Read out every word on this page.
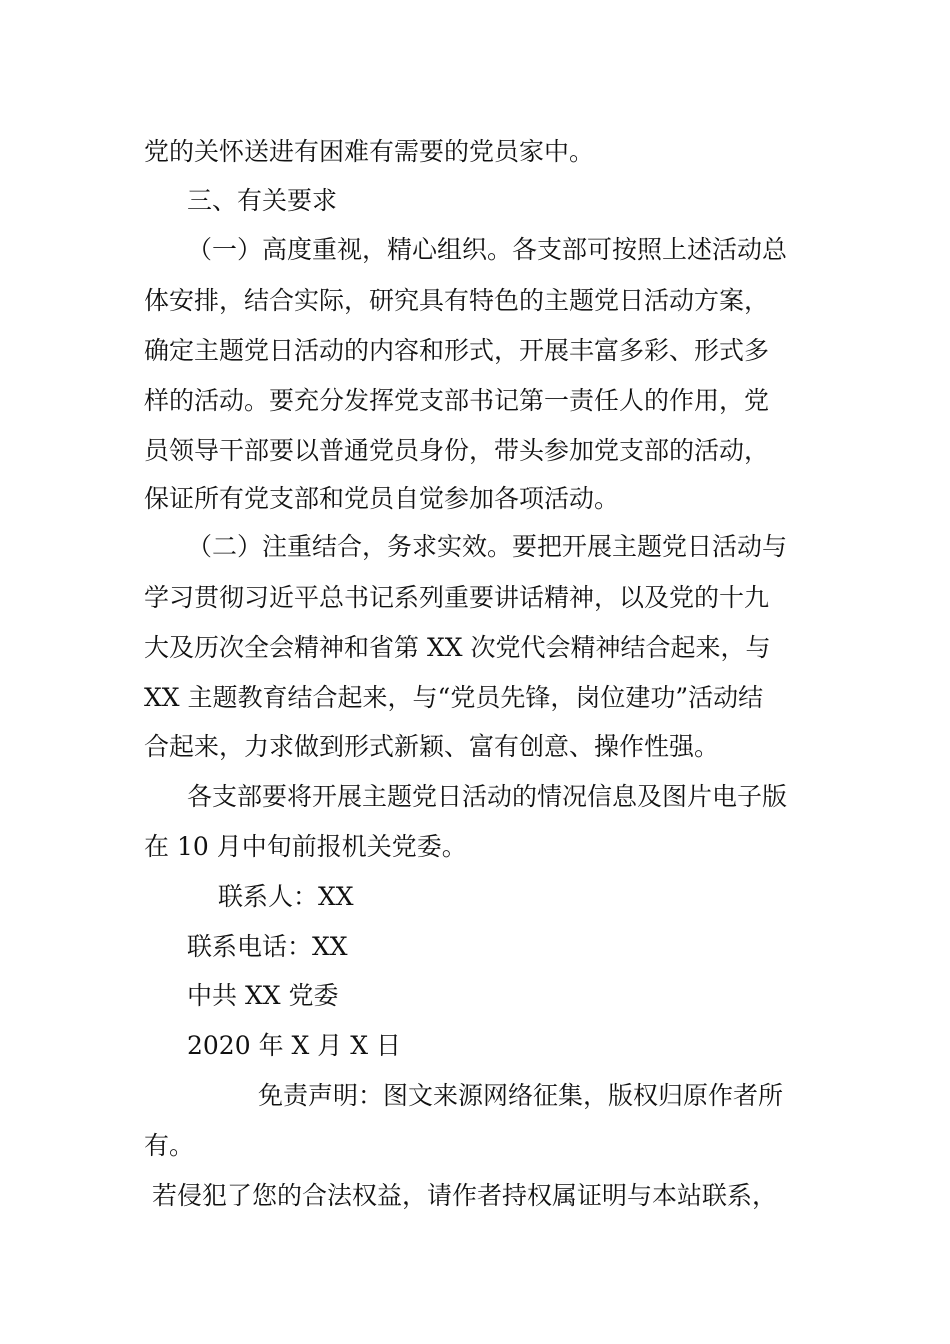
党的关怀送进有困难有需要的党员家中。
三、有关要求
（一）高度重视，精心组织。各支部可按照上述活动总
体安排，结合实际，研究具有特色的主题党日活动方案，
确定主题党日活动的内容和形式，开展丰富多彩、形式多
样的活动。要充分发挥党支部书记第一责任人的作用，党
员领导干部要以普通党员身份，带头参加党支部的活动，
保证所有党支部和党员自觉参加各项活动。
（二）注重结合，务求实效。要把开展主题党日活动与
学习贯彻习近平总书记系列重要讲话精神，以及党的十九
大及历次全会精神和省第 XX 次党代会精神结合起来，与
XX 主题教育结合起来，与“党员先锋，岗位建功”活动结
合起来，力求做到形式新颖、富有创意、操作性强。
各支部要将开展主题党日活动的情况信息及图片电子版
在 10 月中旬前报机关党委。
联系人：XX
联系电话：XX
中共 XX 党委
2020 年 X 月 X 日
免责声明：图文来源网络征集，版权归原作者所
有。
若侵犯了您的合法权益，请作者持权属证明与本站联系，
